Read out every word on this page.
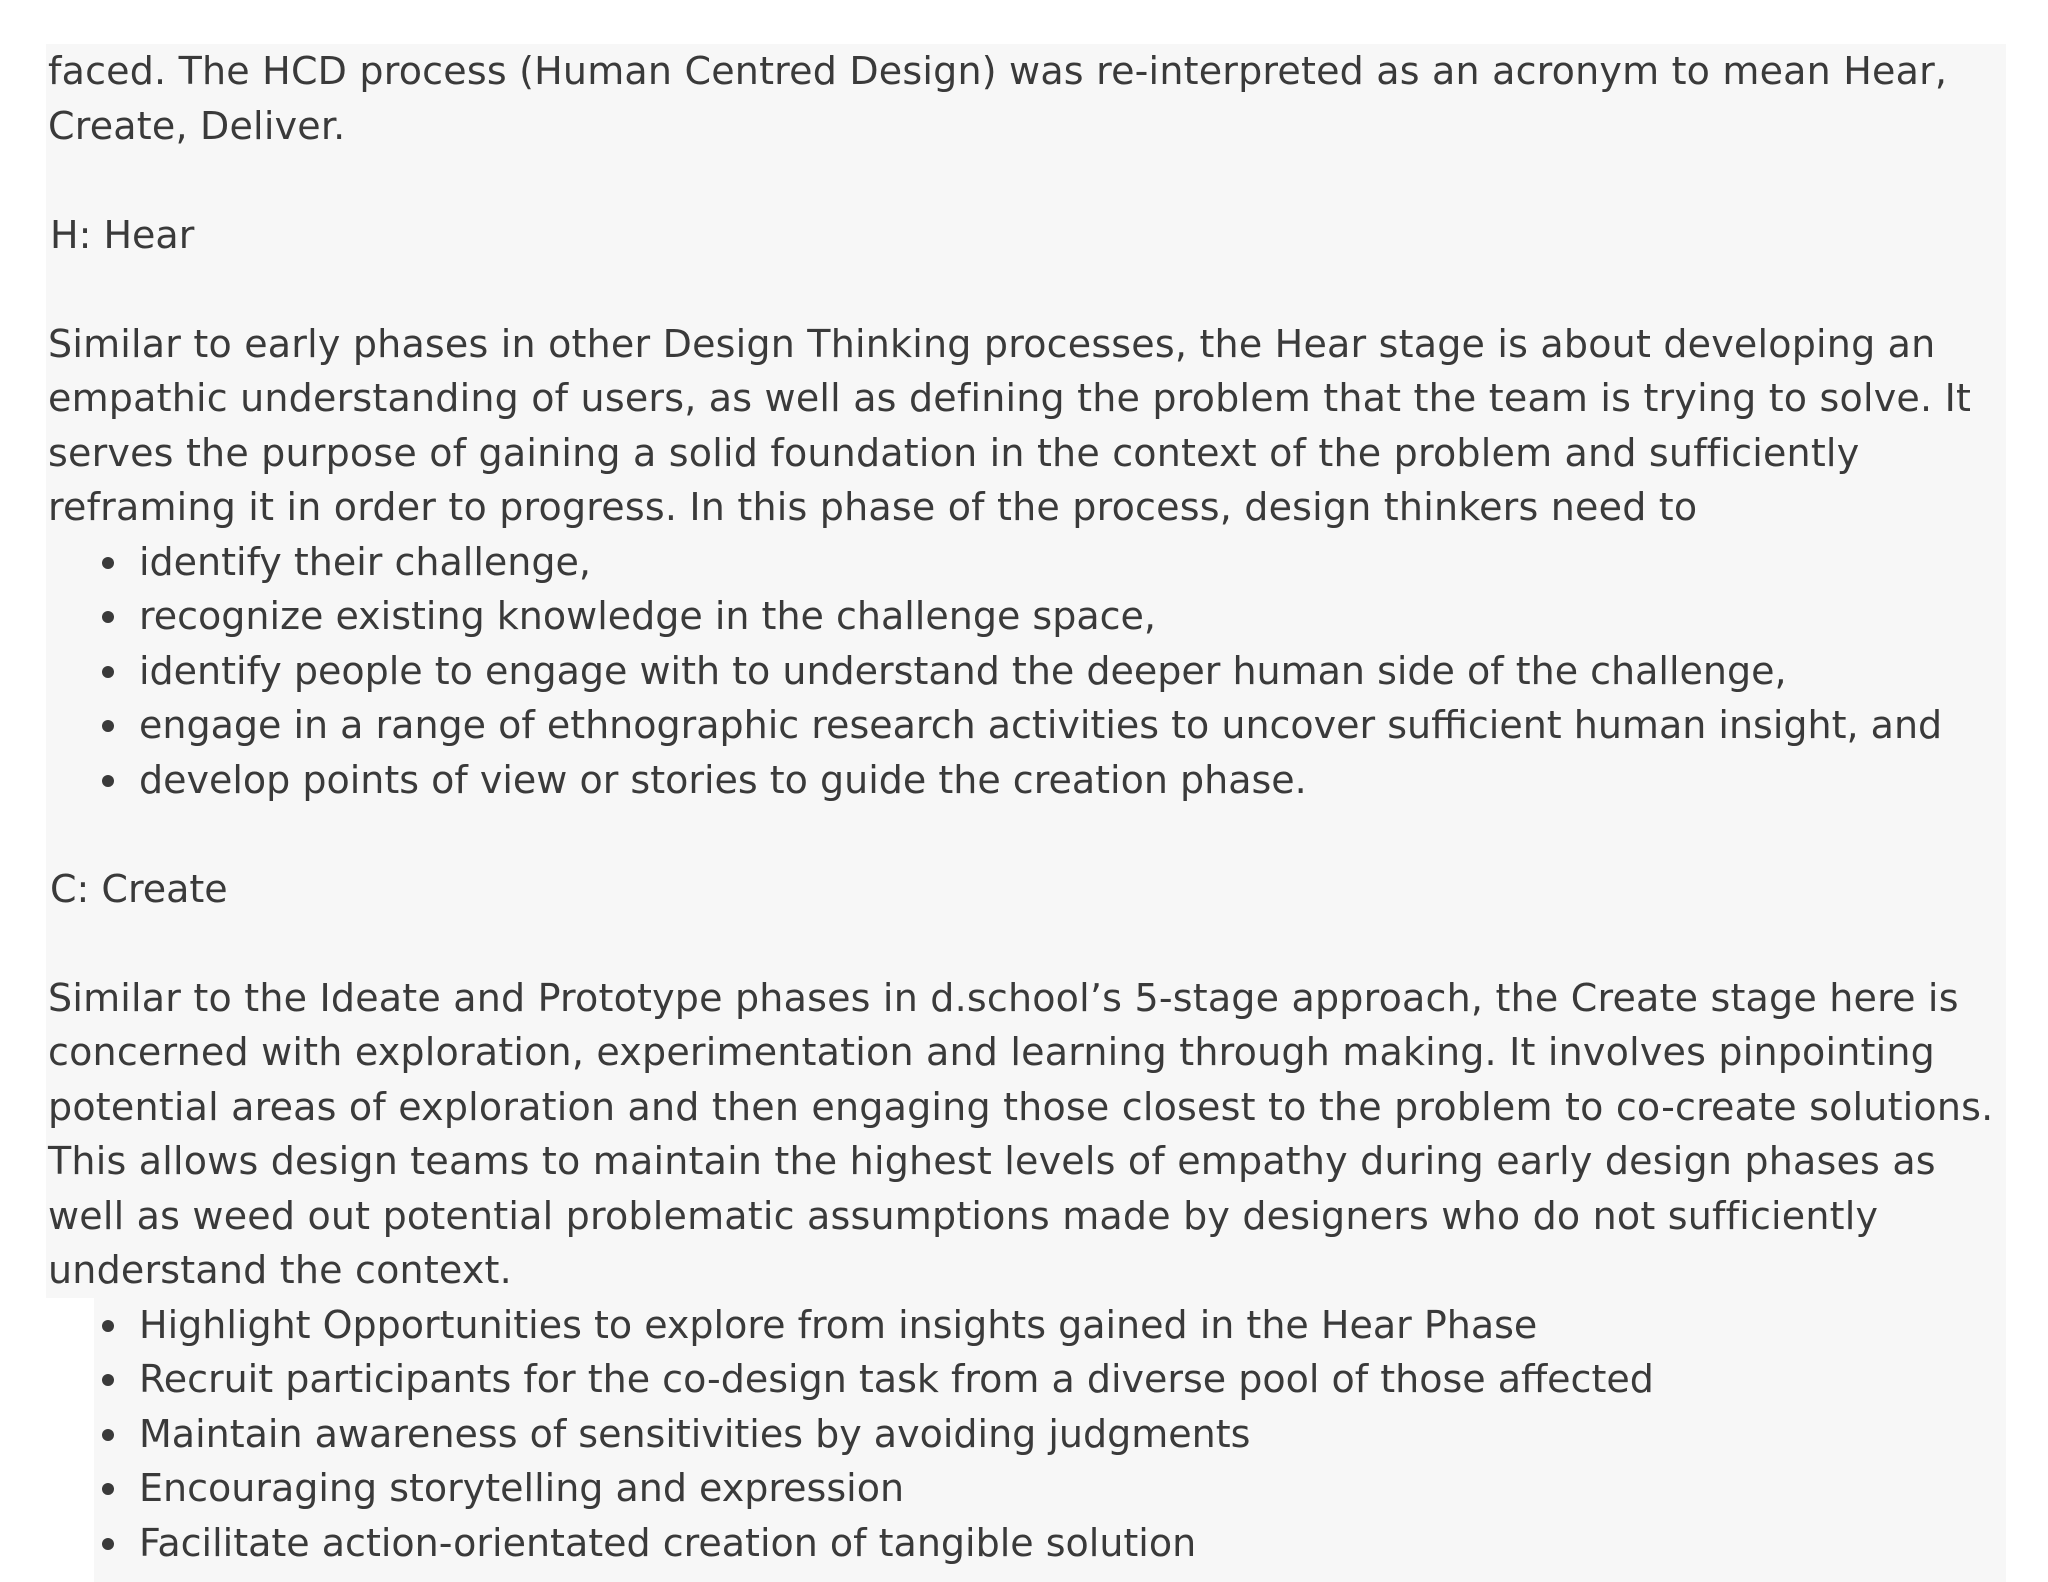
faced. The HCD process (Human Centred Design) was re-interpreted as an acronym to mean Hear, Create, Deliver.

H: Hear

Similar to early phases in other Design Thinking processes, the Hear stage is about developing an empathic understanding of users, as well as defining the problem that the team is trying to solve. It serves the purpose of gaining a solid foundation in the context of the problem and sufficiently reframing it in order to progress. In this phase of the process, design thinkers need to

identify their challenge,
recognize existing knowledge in the challenge space,
identify people to engage with to understand the deeper human side of the challenge,
engage in a range of ethnographic research activities to uncover sufficient human insight, and
develop points of view or stories to guide the creation phase.

C: Create

Similar to the Ideate and Prototype phases in d.school’s 5-stage approach, the Create stage here is concerned with exploration, experimentation and learning through making. It involves pinpointing potential areas of exploration and then engaging those closest to the problem to co-create solutions. This allows design teams to maintain the highest levels of empathy during early design phases as well as weed out potential problematic assumptions made by designers who do not sufficiently understand the context.

Highlight Opportunities to explore from insights gained in the Hear Phase
Recruit participants for the co-design task from a diverse pool of those affected
Maintain awareness of sensitivities by avoiding judgments
Encouraging storytelling and expression
Facilitate action-orientated creation of tangible solution
